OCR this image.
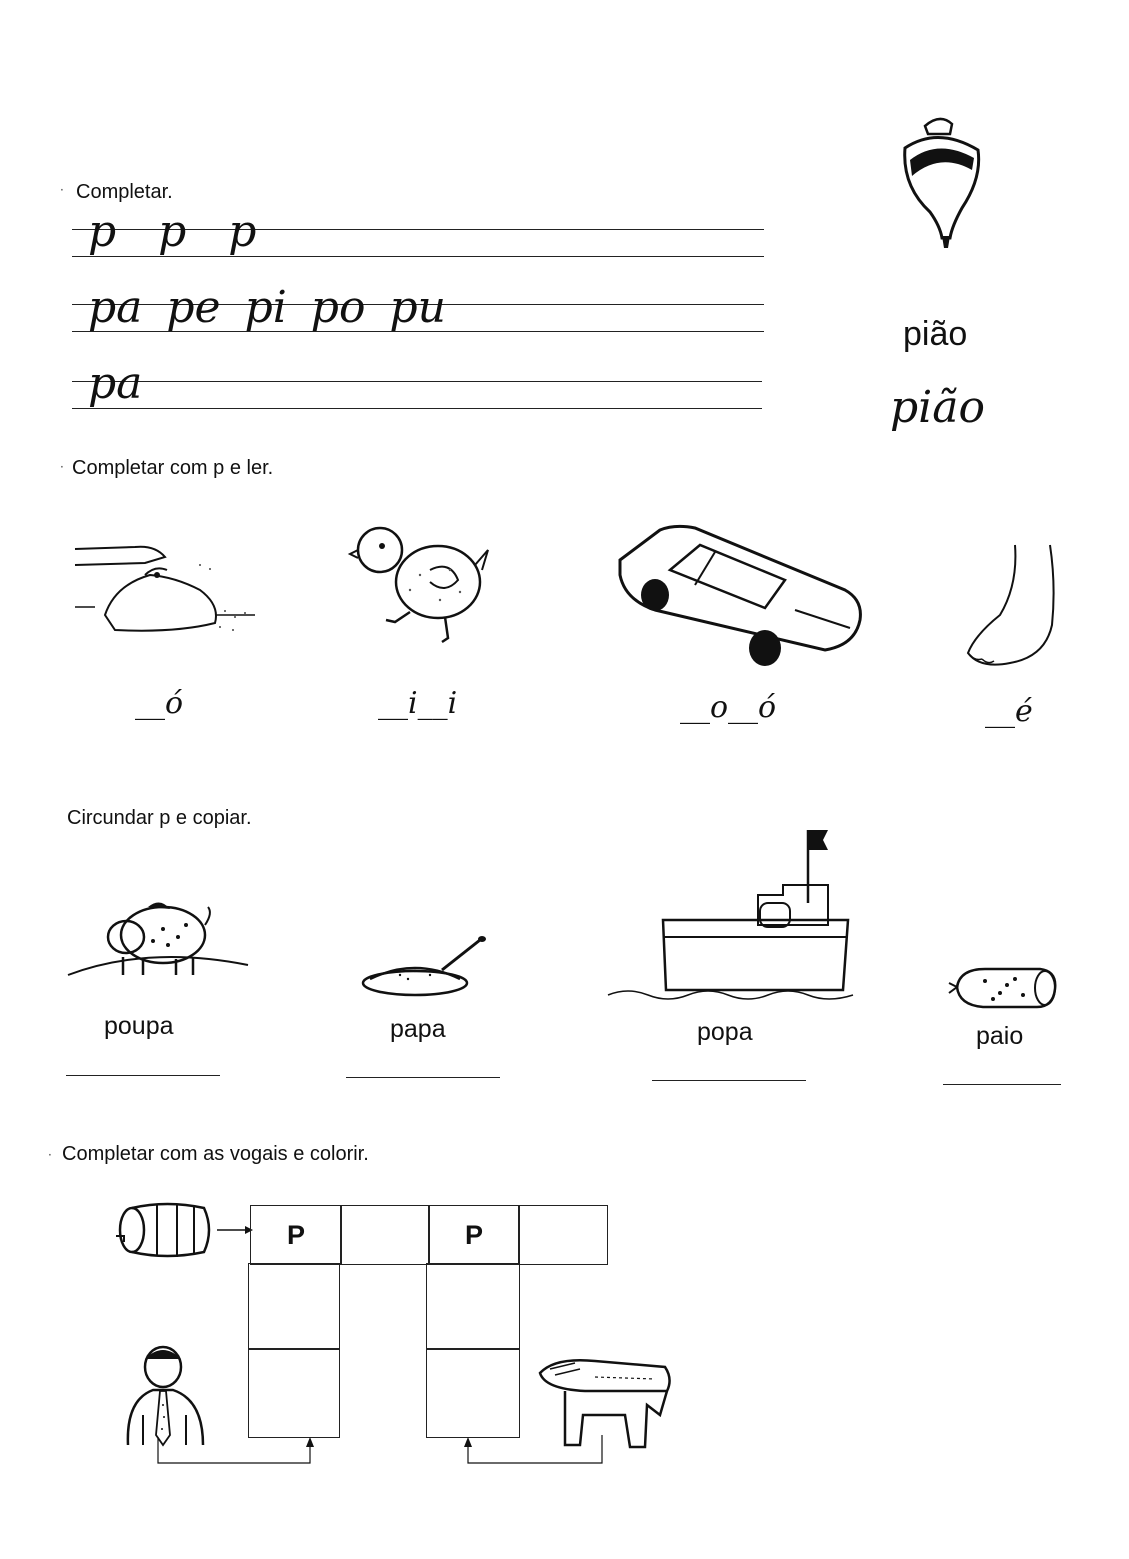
· Completar.
p p p
pa pe pi po pu
pa
pião
pião
· Completar com p e ler.
__ó	__i__i	__o__ó	__é
Circundar p e copiar.
poupa	papa	popa	paio
· Completar com as vogais e colorir.
P	P
